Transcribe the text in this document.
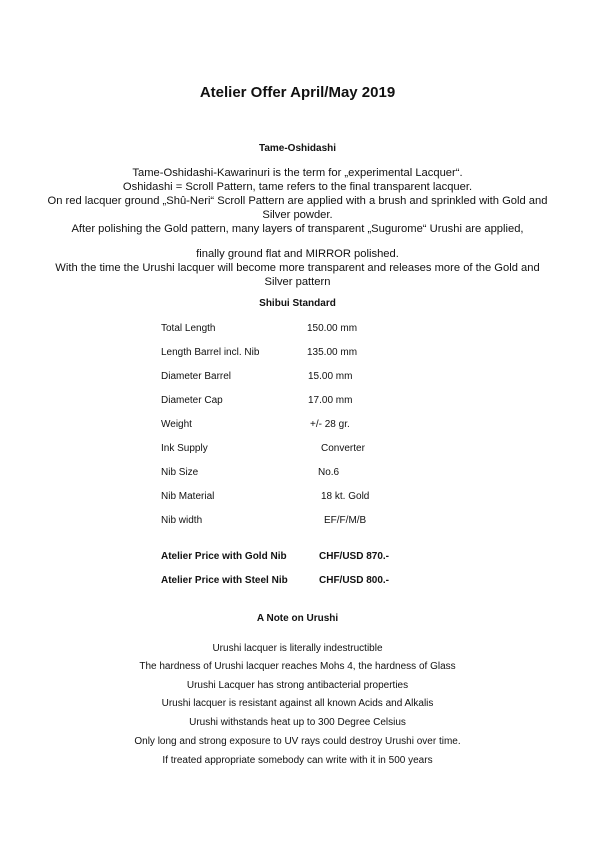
Atelier Offer April/May 2019
Tame-Oshidashi
Tame-Oshidashi-Kawarinuri is the term for „experimental Lacquer“.
Oshidashi = Scroll Pattern, tame refers to the final transparent lacquer.
On red lacquer ground „Shû-Neri“ Scroll Pattern are applied with a brush and sprinkled with Gold and Silver powder.
After polishing the Gold pattern, many layers of transparent „Sugurome“ Urushi are applied,
finally ground flat and MIRROR polished.
With the time the Urushi lacquer will become more transparent and releases more of the Gold and Silver pattern
Shibui Standard
Total Length	150.00 mm
Length Barrel incl. Nib	135.00 mm
Diameter Barrel	15.00 mm
Diameter Cap	17.00 mm
Weight	+/- 28 gr.
Ink Supply	Converter
Nib Size	No.6
Nib Material	18 kt. Gold
Nib width	EF/F/M/B
Atelier Price with Gold Nib	CHF/USD 870.-
Atelier Price with Steel Nib	CHF/USD 800.-
A Note on Urushi
Urushi lacquer is literally indestructible
The hardness of Urushi lacquer reaches Mohs 4, the hardness of Glass
Urushi Lacquer has strong antibacterial properties
Urushi lacquer is resistant against all known Acids and Alkalis
Urushi withstands heat up to 300 Degree Celsius
Only long and strong exposure to UV rays could destroy Urushi over time.
If treated appropriate somebody can write with it in 500 years
